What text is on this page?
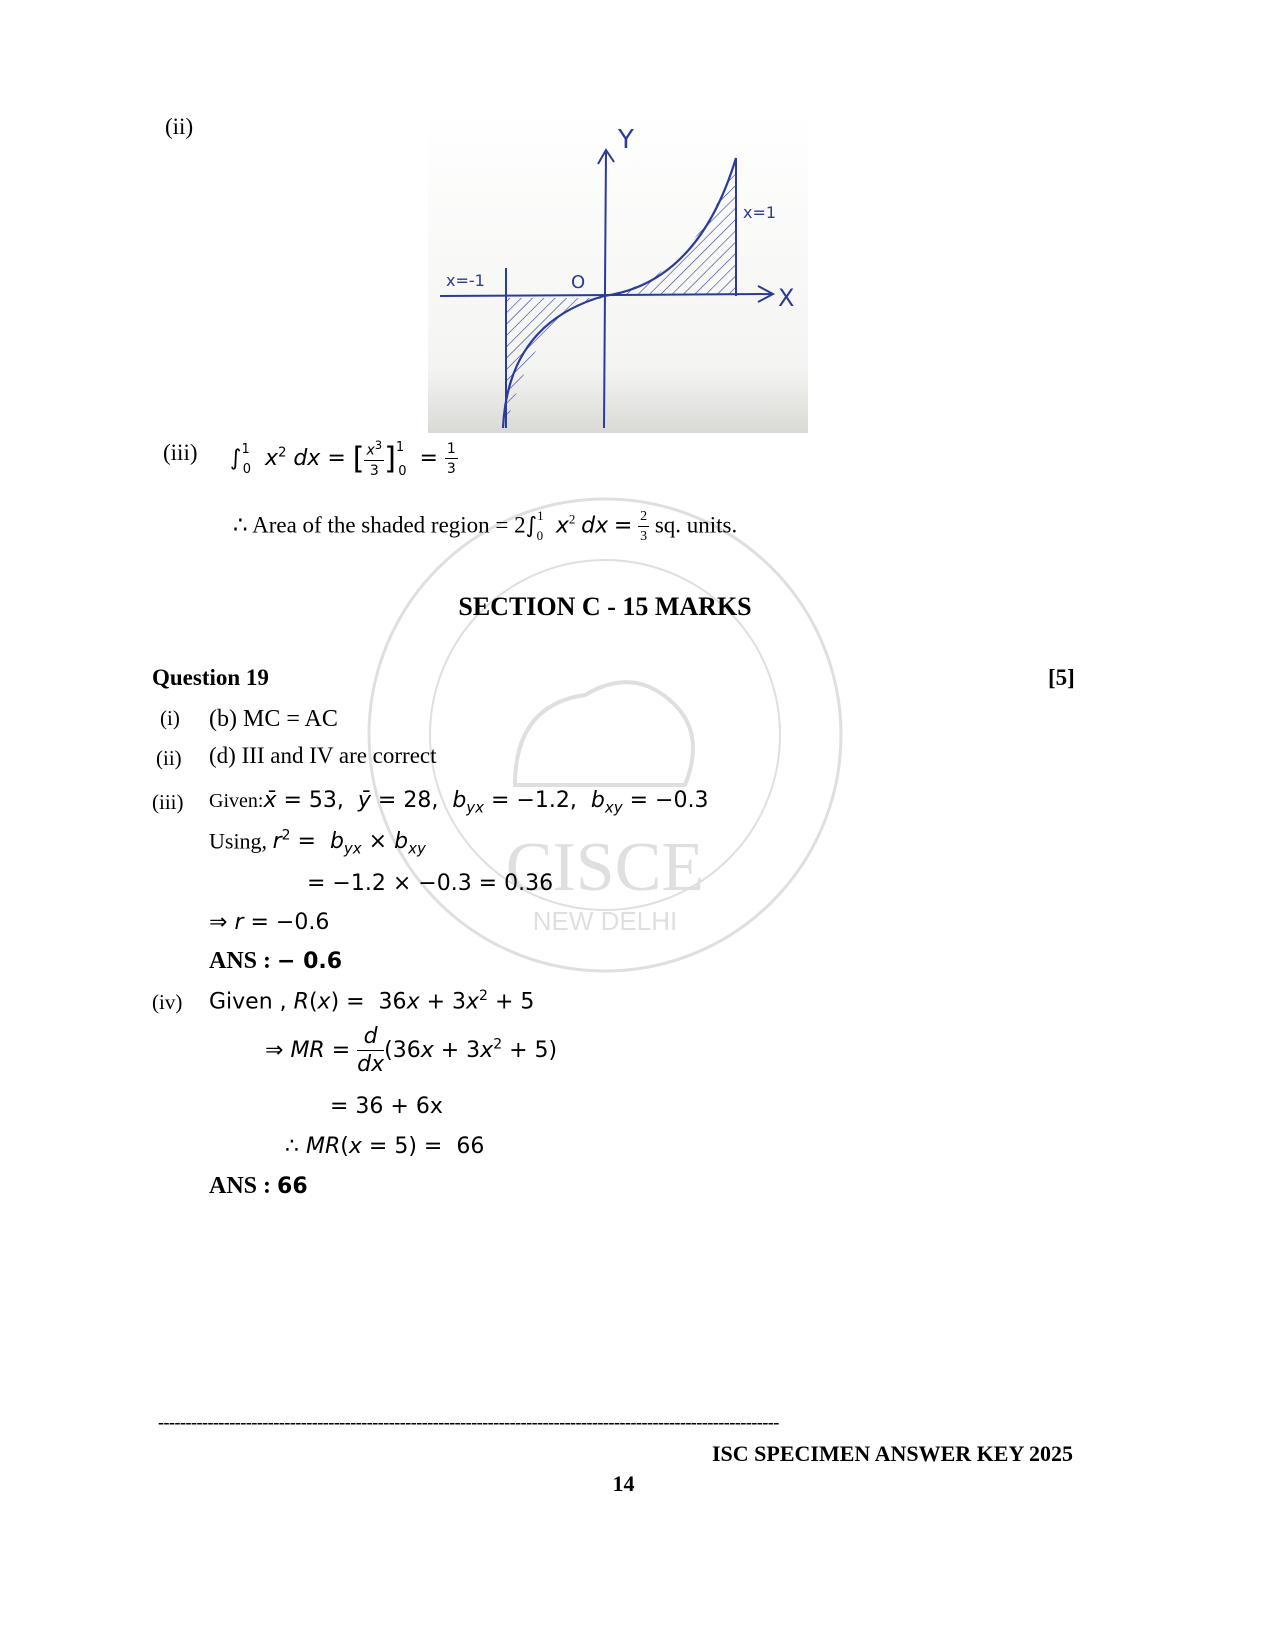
CISCE
NEW DELHI
(ii)	Y
X
O
x=-1
x=1
(iii) ∫$^1_0$ $x^2$ dx = [ $\frac{x^3}{3} ]^1_0 = \frac{1}{3}$
∴ Area of the shaded region = 2∫$^1_0$ $x^2$ dx = $\frac{2}{3}$ sq. units.
SECTION C - 15 MARKS
Question 19	[5]
(i) (b) MC = AC
(ii) (d) III and IV are correct
(iii) Given:x̄ = 53,  ȳ = 28,  $b_{yx} = -1.2$,  $b_{xy} = -0.3$
Using, $r^2 = b_{yx} \times b_{xy}$
= −1.2 × −0.3 = 0.36
⇒ r = −0.6
ANS : − 0.6
(iv) Given , $R(x) = 36x + 3x^2 + 5$
⇒ MR = $\frac{d}{dx} (36x + 3x^2 + 5)$
= 36 + 6x
∴ MR(x = 5) =  66
ANS : 66
-----------------------------------------------------------------------------------------------------------------
ISC SPECIMEN ANSWER KEY 2025
14
